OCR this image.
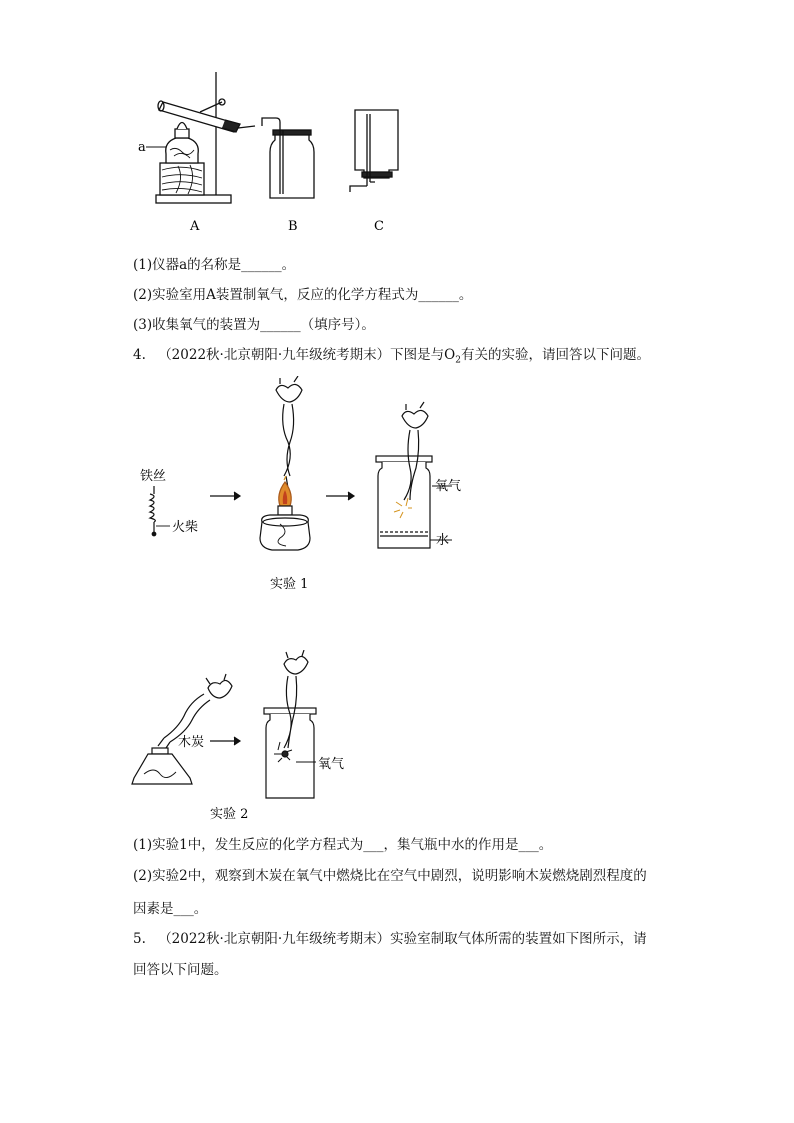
a
A	B	C
(1)仪器a的名称是______。
(2)实验室用A装置制氧气，反应的化学方程式为______。
(3)收集氧气的装置为______（填序号）。
4. （2022秋·北京朝阳·九年级统考期末）下图是与$O_2$有关的实验，请回答以下问题。
铁丝
火柴
氧气
水
实验 1
木炭
氧气
实验 2
(1)实验1中，发生反应的化学方程式为___，集气瓶中水的作用是___。
(2)实验2中，观察到木炭在氧气中燃烧比在空气中剧烈，说明影响木炭燃烧剧烈程度的
因素是___。
5. （2022秋·北京朝阳·九年级统考期末）实验室制取气体所需的装置如下图所示，请
回答以下问题。
